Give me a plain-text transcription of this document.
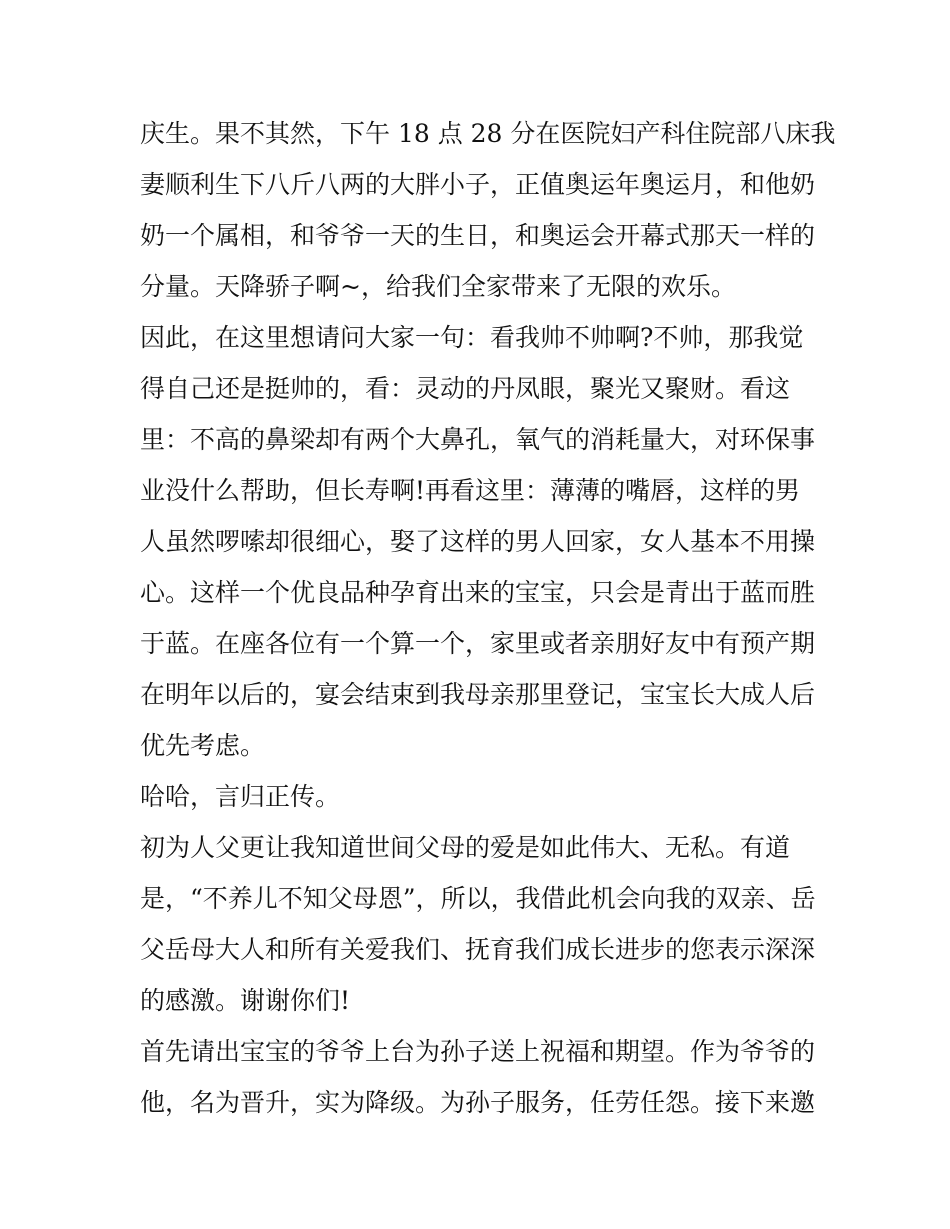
庆生。果不其然，下午 18 点 28 分在医院妇产科住院部八床我
妻顺利生下八斤八两的大胖小子，正值奥运年奥运月，和他奶
奶一个属相，和爷爷一天的生日，和奥运会开幕式那天一样的
分量。天降骄子啊~，给我们全家带来了无限的欢乐。
因此，在这里想请问大家一句：看我帅不帅啊?不帅，那我觉
得自己还是挺帅的，看：灵动的丹凤眼，聚光又聚财。看这
里：不高的鼻梁却有两个大鼻孔，氧气的消耗量大，对环保事
业没什么帮助，但长寿啊!再看这里：薄薄的嘴唇，这样的男
人虽然啰嗦却很细心，娶了这样的男人回家，女人基本不用操
心。这样一个优良品种孕育出来的宝宝，只会是青出于蓝而胜
于蓝。在座各位有一个算一个，家里或者亲朋好友中有预产期
在明年以后的，宴会结束到我母亲那里登记，宝宝长大成人后
优先考虑。
哈哈，言归正传。
初为人父更让我知道世间父母的爱是如此伟大、无私。有道
是，“不养儿不知父母恩”，所以，我借此机会向我的双亲、岳
父岳母大人和所有关爱我们、抚育我们成长进步的您表示深深
的感激。谢谢你们!
首先请出宝宝的爷爷上台为孙子送上祝福和期望。作为爷爷的
他，名为晋升，实为降级。为孙子服务，任劳任怨。接下来邀
